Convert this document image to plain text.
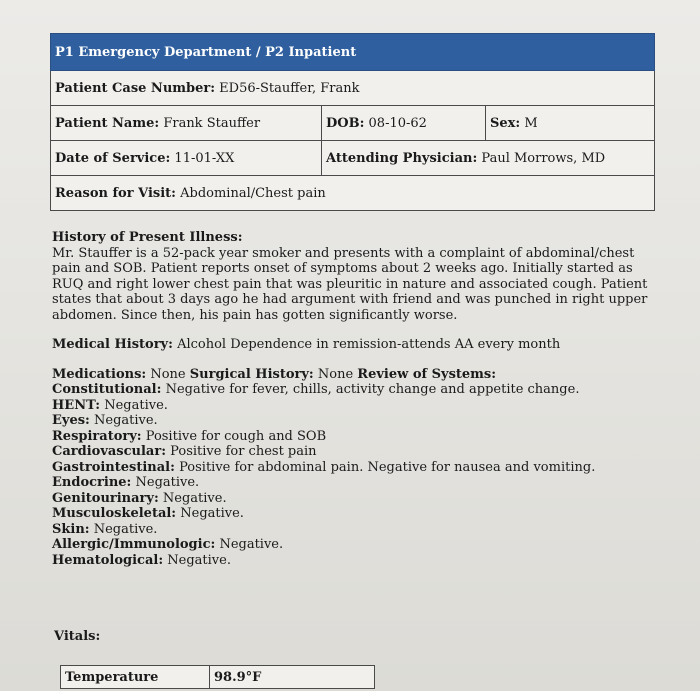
P1 Emergency Department / P2 Inpatient		
Patient Case Number: ED56-Stauffer, Frank		
Patient Name: Frank Stauffer	DOB: 08-10-62	Sex: M
Date of Service: 11-01-XX	Attending Physician: Paul Morrows, MD	
Reason for Visit: Abdominal/Chest pain		

History of Present Illness:

Mr. Stauffer is a 52-pack year smoker and presents with a complaint of abdominal/chest pain and SOB. Patient reports onset of symptoms about 2 weeks ago. Initially started as RUQ and right lower chest pain that was pleuritic in nature and associated cough. Patient states that about 3 days ago he had argument with friend and was punched in right upper abdomen. Since then, his pain has gotten significantly worse.

Medical History: Alcohol Dependence in remission-attends AA every month

Medications: None Surgical History: None Review of Systems:

Constitutional: Negative for fever, chills, activity change and appetite change.

HENT: Negative.

Eyes: Negative.

Respiratory: Positive for cough and SOB

Cardiovascular: Positive for chest pain

Gastrointestinal: Positive for abdominal pain. Negative for nausea and vomiting.

Endocrine: Negative.

Genitourinary: Negative.

Musculoskeletal: Negative.

Skin: Negative.

Allergic/Immunologic: Negative.

Hematological: Negative.

Vitals:
Temperature	98.9°F
